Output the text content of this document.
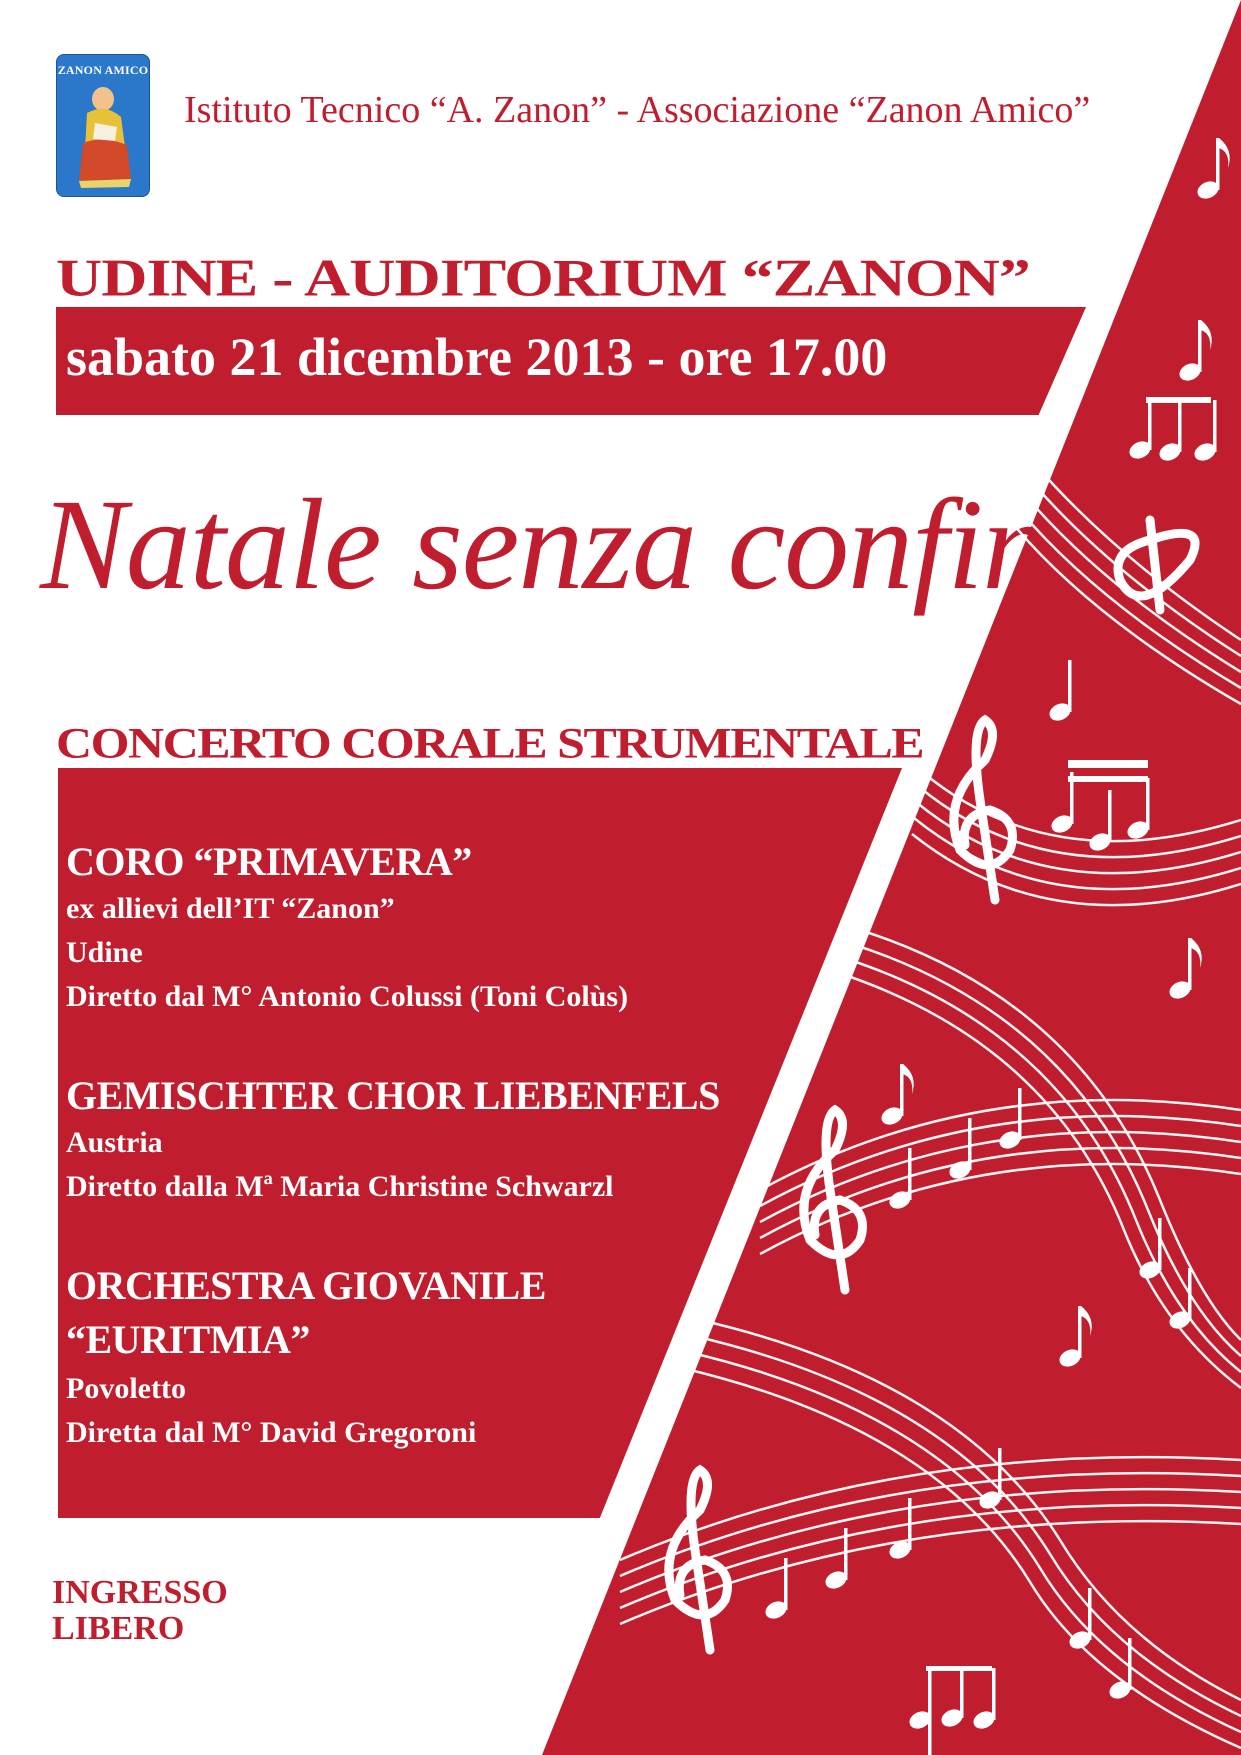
ZANON AMICO
Istituto Tecnico “A. Zanon” - Associazione “Zanon Amico”
UDINE - AUDITORIUM “ZANON”
sabato 21 dicembre 2013 - ore 17.00
Natale senza confini
CONCERTO CORALE STRUMENTALE
CORO “PRIMAVERA”
ex allievi dell’IT “Zanon”
Udine
Diretto dal M° Antonio Colussi (Toni Colùs)
GEMISCHTER CHOR LIEBENFELS
Austria
Diretto dalla Mª Maria Christine Schwarzl
ORCHESTRA GIOVANILE
“EURITMIA”
Povoletto
Diretta dal M° David Gregoroni
INGRESSO
LIBERO
